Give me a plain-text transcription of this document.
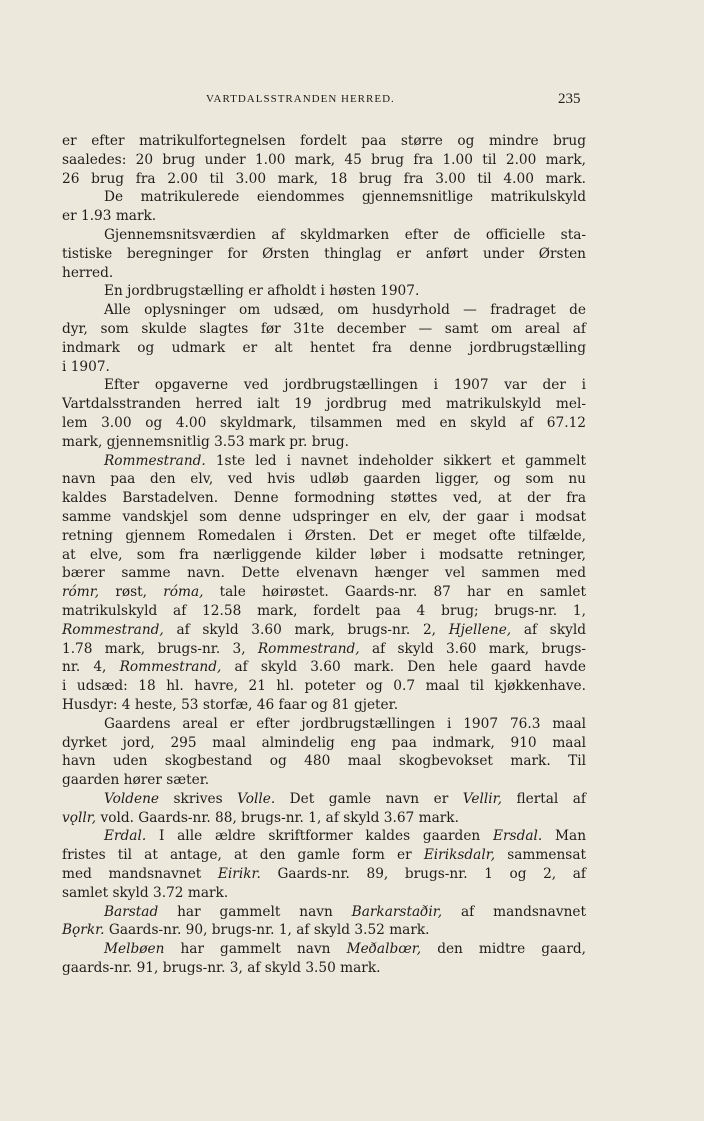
VARTDALSSTRANDEN HERRED.	235
er efter matrikulfortegnelsen fordelt paa større og mindre brug
saaledes: 20 brug under 1.00 mark, 45 brug fra 1.00 til 2.00 mark,
26 brug fra 2.00 til 3.00 mark, 18 brug fra 3.00 til 4.00 mark.
De matrikulerede eiendommes gjennemsnitlige matrikulskyld
er 1.93 mark.
Gjennemsnitsværdien af skyldmarken efter de officielle sta-
tistiske beregninger for Ørsten thinglag er anført under Ørsten
herred.
En jordbrugstælling er afholdt i høsten 1907.
Alle oplysninger om udsæd, om husdyrhold — fradraget de
dyr, som skulde slagtes før 31te december — samt om areal af
indmark og udmark er alt hentet fra denne jordbrugstælling
i 1907.
Efter opgaverne ved jordbrugstællingen i 1907 var der i
Vartdalsstranden herred ialt 19 jordbrug med matrikulskyld mel-
lem 3.00 og 4.00 skyldmark, tilsammen med en skyld af 67.12
mark, gjennemsnitlig 3.53 mark pr. brug.
Rommestrand. 1ste led i navnet indeholder sikkert et gammelt
navn paa den elv, ved hvis udløb gaarden ligger, og som nu
kaldes Barstadelven. Denne formodning støttes ved, at der fra
samme vandskjel som denne udspringer en elv, der gaar i modsat
retning gjennem Romedalen i Ørsten. Det er meget ofte tilfælde,
at elve, som fra nærliggende kilder løber i modsatte retninger,
bærer samme navn. Dette elvenavn hænger vel sammen med
rómr, røst, róma, tale høirøstet. Gaards-nr. 87 har en samlet
matrikulskyld af 12.58 mark, fordelt paa 4 brug; brugs-nr. 1,
Rommestrand, af skyld 3.60 mark, brugs-nr. 2, Hjellene, af skyld
1.78 mark, brugs-nr. 3, Rommestrand, af skyld 3.60 mark, brugs-
nr. 4, Rommestrand, af skyld 3.60 mark. Den hele gaard havde
i udsæd: 18 hl. havre, 21 hl. poteter og 0.7 maal til kjøkkenhave.
Husdyr: 4 heste, 53 storfæ, 46 faar og 81 gjeter.
Gaardens areal er efter jordbrugstællingen i 1907 76.3 maal
dyrket jord, 295 maal almindelig eng paa indmark, 910 maal
havn uden skogbestand og 480 maal skogbevokset mark. Til
gaarden hører sæter.
Voldene skrives Volle. Det gamle navn er Vellir, flertal af
vǫllr, vold. Gaards-nr. 88, brugs-nr. 1, af skyld 3.67 mark.
Erdal. I alle ældre skriftformer kaldes gaarden Ersdal. Man
fristes til at antage, at den gamle form er Eiriksdalr, sammensat
med mandsnavnet Eirikr. Gaards-nr. 89, brugs-nr. 1 og 2, af
samlet skyld 3.72 mark.
Barstad har gammelt navn Barkarstaðir, af mandsnavnet
Bǫrkr. Gaards-nr. 90, brugs-nr. 1, af skyld 3.52 mark.
Melbøen har gammelt navn Meðalbœr, den midtre gaard,
gaards-nr. 91, brugs-nr. 3, af skyld 3.50 mark.
